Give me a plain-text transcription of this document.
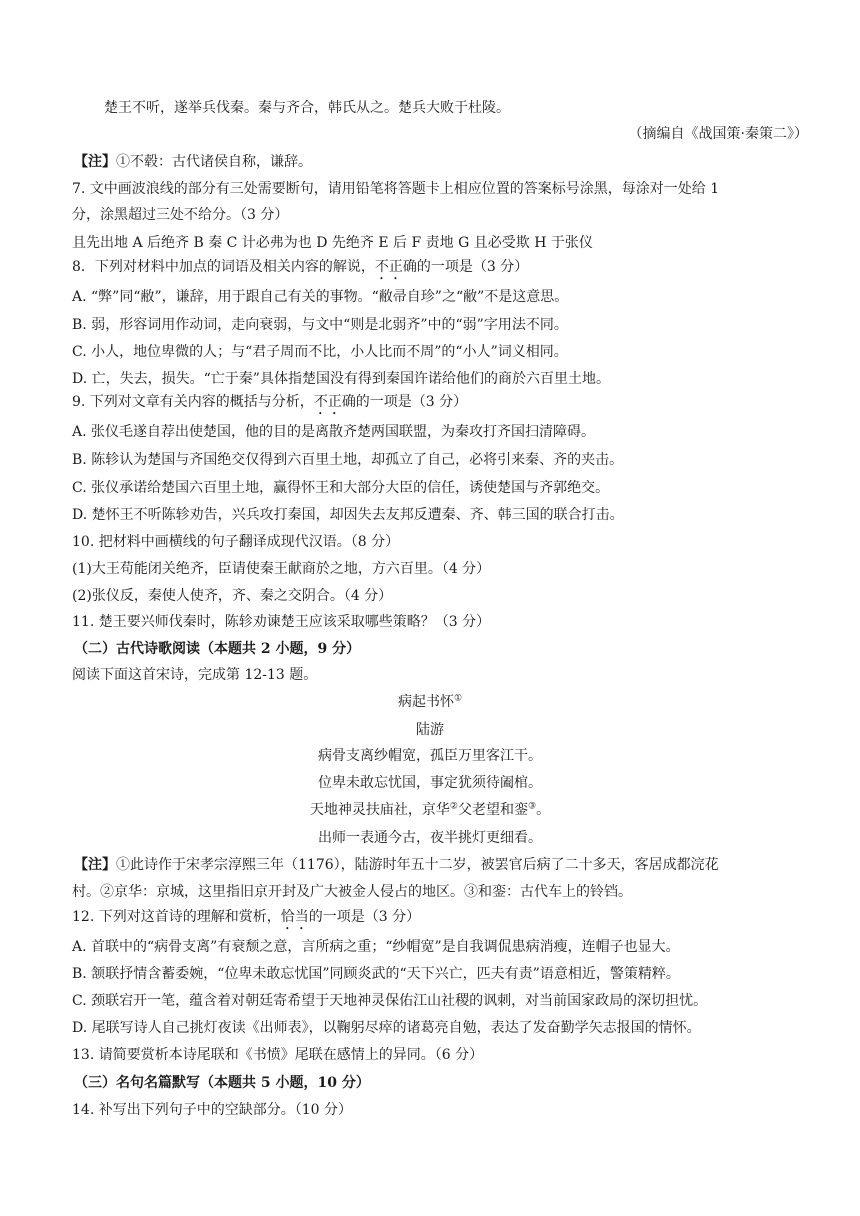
楚王不听，遂举兵伐秦。秦与齐合，韩氏从之。楚兵大败于杜陵。
（摘编自《战国策·秦策二》）
【注】①不毂：古代诸侯自称，谦辞。
7. 文中画波浪线的部分有三处需要断句，请用铅笔将答题卡上相应位置的答案标号涂黑，每涂对一处给 1
分，涂黑超过三处不给分。（3 分）
且先出地 A 后绝齐 B 秦 C 计必弗为也 D 先绝齐 E 后 F 责地 G 且必受欺 H 于张仪
8．下列对材料中加点的词语及相关内容的解说，不正确的一项是（3 分）
A. “弊”同“敝”，谦辞，用于跟自己有关的事物。“敝帚自珍”之“敝”不是这意思。
B. 弱，形容词用作动词，走向衰弱，与文中“则是北弱齐”中的“弱”字用法不同。
C. 小人，地位卑微的人；与“君子周而不比，小人比而不周”的“小人”词义相同。
D. 亡，失去，损失。“亡于秦”具体指楚国没有得到秦国许诺给他们的商於六百里土地。
9. 下列对文章有关内容的概括与分析，不正确的一项是（3 分）
A. 张仪毛遂自荐出使楚国，他的目的是离散齐楚两国联盟，为秦攻打齐国扫清障碍。
B. 陈轸认为楚国与齐国绝交仅得到六百里土地，却孤立了自己，必将引来秦、齐的夹击。
C. 张仪承诺给楚国六百里土地，赢得怀王和大部分大臣的信任，诱使楚国与齐郭绝交。
D. 楚怀王不听陈轸劝告，兴兵攻打秦国，却因失去友邦反遭秦、齐、韩三国的联合打击。
10. 把材料中画横线的句子翻译成现代汉语。（8 分）
(1)大王苟能闭关绝齐，臣请使秦王献商於之地，方六百里。（4 分）
(2)张仪反，秦使人使齐，齐、秦之交阴合。（4 分）
11. 楚王要兴师伐秦时，陈轸劝谏楚王应该采取哪些策略？（3 分）
（二）古代诗歌阅读（本题共 2 小题，9 分）
阅读下面这首宋诗，完成第 12-13 题。
病起书怀①
陆游
病骨支离纱帽宽，孤臣万里客江干。
位卑未敢忘忧国，事定犹须待阖棺。
天地神灵扶庙社，京华②父老望和銮③。
出师一表通今古，夜半挑灯更细看。
【注】①此诗作于宋孝宗淳熙三年（1176），陆游时年五十二岁，被罢官后病了二十多天，客居成都浣花
村。②京华：京城，这里指旧京开封及广大被金人侵占的地区。③和銮：古代车上的铃铛。
12. 下列对这首诗的理解和赏析，恰当的一项是（3 分）
A. 首联中的“病骨支离”有衰颓之意，言所病之重；“纱帽宽”是自我调侃患病消瘦，连帽子也显大。
B. 颔联抒情含蓄委婉，“位卑未敢忘忧国”同顾炎武的“天下兴亡，匹夫有责”语意相近，警策精粹。
C. 颈联宕开一笔，蕴含着对朝廷寄希望于天地神灵保佑江山社稷的讽刺，对当前国家政局的深切担忧。
D. 尾联写诗人自己挑灯夜读《出师表》，以鞠躬尽瘁的诸葛亮自勉，表达了发奋勤学矢志报国的情怀。
13. 请简要赏析本诗尾联和《书愤》尾联在感情上的异同。（6 分）
（三）名句名篇默写（本题共 5 小题，10 分）
14. 补写出下列句子中的空缺部分。（10 分）
